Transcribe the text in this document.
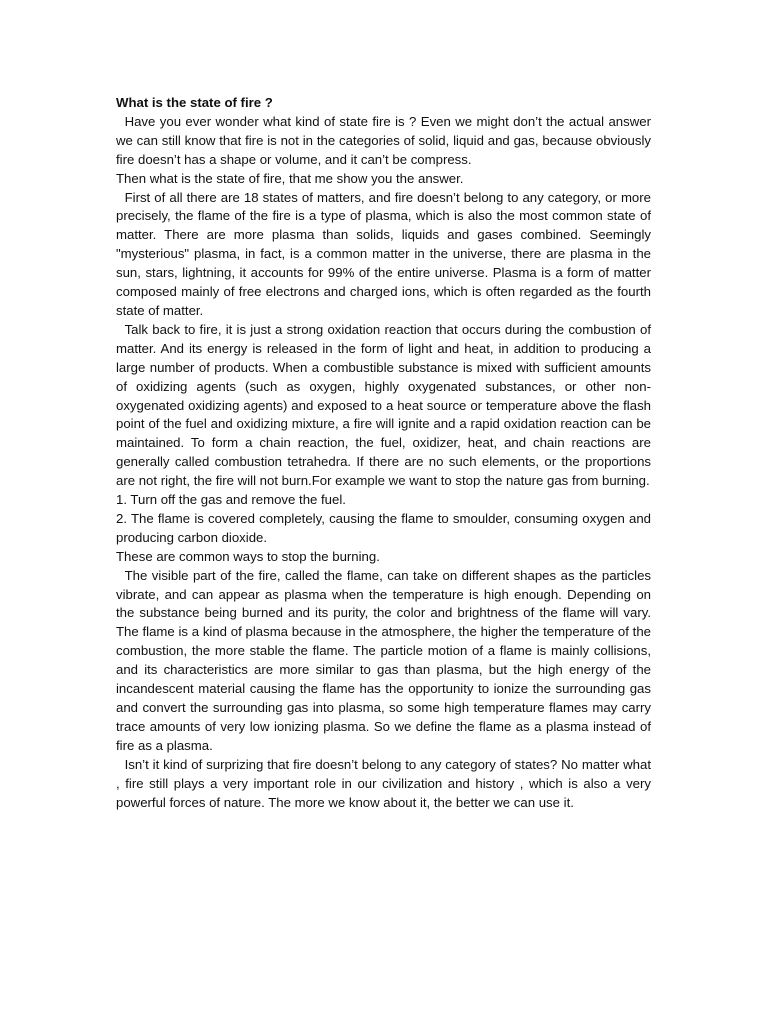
What is the state of fire ?

Have you ever wonder what kind of state fire is ? Even we might don’t the actual answer we can still know that fire is not in the categories of solid, liquid and gas, because obviously fire doesn’t has a shape or volume, and it can’t be compress.

Then what is the state of fire, that me show you the answer.

First of all there are 18 states of matters, and fire doesn’t belong to any category, or more precisely, the flame of the fire is a type of plasma, which is also the most common state of matter. There are more plasma than solids, liquids and gases combined. Seemingly "mysterious" plasma, in fact, is a common matter in the universe, there are plasma in the sun, stars, lightning, it accounts for 99% of the entire universe. Plasma is a form of matter composed mainly of free electrons and charged ions, which is often regarded as the fourth state of matter.

Talk back to fire, it is just a strong oxidation reaction that occurs during the combustion of matter. And its energy is released in the form of light and heat, in addition to producing a large number of products. When a combustible substance is mixed with sufficient amounts of oxidizing agents (such as oxygen, highly oxygenated substances, or other non-oxygenated oxidizing agents) and exposed to a heat source or temperature above the flash point of the fuel and oxidizing mixture, a fire will ignite and a rapid oxidation reaction can be maintained. To form a chain reaction, the fuel, oxidizer, heat, and chain reactions are generally called combustion tetrahedra. If there are no such elements, or the proportions are not right, the fire will not burn.For example we want to stop the nature gas from burning.

1. Turn off the gas and remove the fuel.

2. The flame is covered completely, causing the flame to smoulder, consuming oxygen and producing carbon dioxide.

These are common ways to stop the burning.

The visible part of the fire, called the flame, can take on different shapes as the particles vibrate, and can appear as plasma when the temperature is high enough. Depending on the substance being burned and its purity, the color and brightness of the flame will vary. The flame is a kind of plasma because in the atmosphere, the higher the temperature of the combustion, the more stable the flame. The particle motion of a flame is mainly collisions, and its characteristics are more similar to gas than plasma, but the high energy of the incandescent material causing the flame has the opportunity to ionize the surrounding gas and convert the surrounding gas into plasma, so some high temperature flames may carry trace amounts of very low ionizing plasma. So we define the flame as a plasma instead of fire as a plasma.

Isn’t it kind of surprizing that fire doesn’t belong to any category of states? No matter what , fire still plays a very important role in our civilization and history , which is also a very powerful forces of nature. The more we know about it, the better we can use it.
